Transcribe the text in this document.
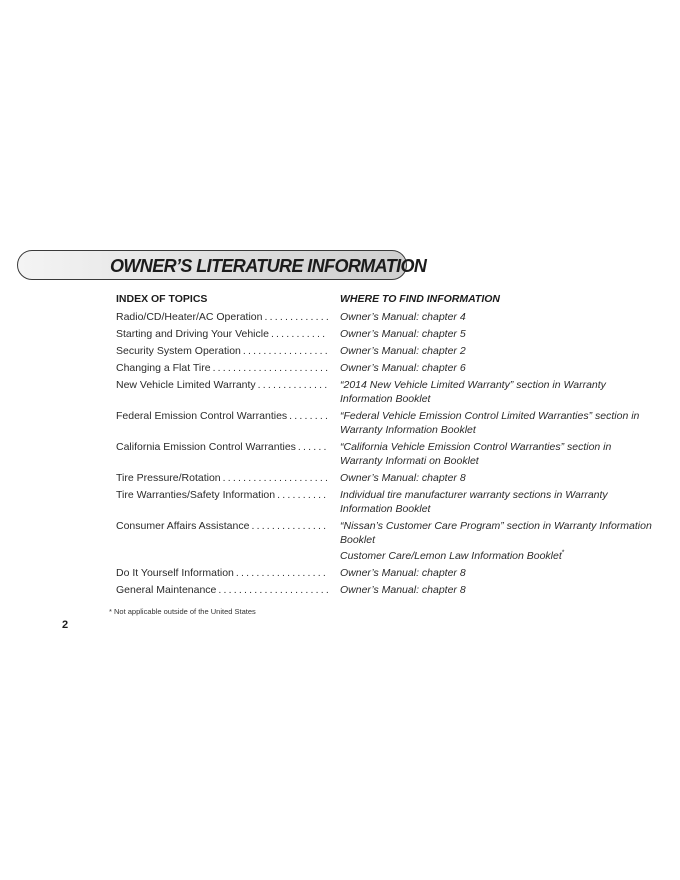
OWNER’S LITERATURE INFORMATION
INDEX OF TOPICS	WHERE TO FIND INFORMATION
Radio/CD/Heater/AC Operation .....	Owner’s Manual: chapter 4
Starting and Driving Your Vehicle .....	Owner’s Manual: chapter 5
Security System Operation .....	Owner’s Manual: chapter 2
Changing a Flat Tire .....	Owner’s Manual: chapter 6
New Vehicle Limited Warranty .....	“2014 New Vehicle Limited Warranty” section in Warranty Information Booklet
Federal Emission Control Warranties .....	“Federal Vehicle Emission Control Limited Warranties” section in Warranty Information Booklet
California Emission Control Warranties .....	“California Vehicle Emission Control Warranties” section in Warranty Informati on Booklet
Tire Pressure/Rotation .....	Owner’s Manual: chapter 8
Tire Warranties/Safety Information .....	Individual tire manufacturer warranty sections in Warranty Information Booklet
Consumer Affairs Assistance .....	“Nissan’s Customer Care Program” section in Warranty Information Booklet
Customer Care/Lemon Law Information Booklet*
Do It Yourself Information .....	Owner’s Manual: chapter 8
General Maintenance .....	Owner’s Manual: chapter 8

* Not applicable outside of the United States

2
